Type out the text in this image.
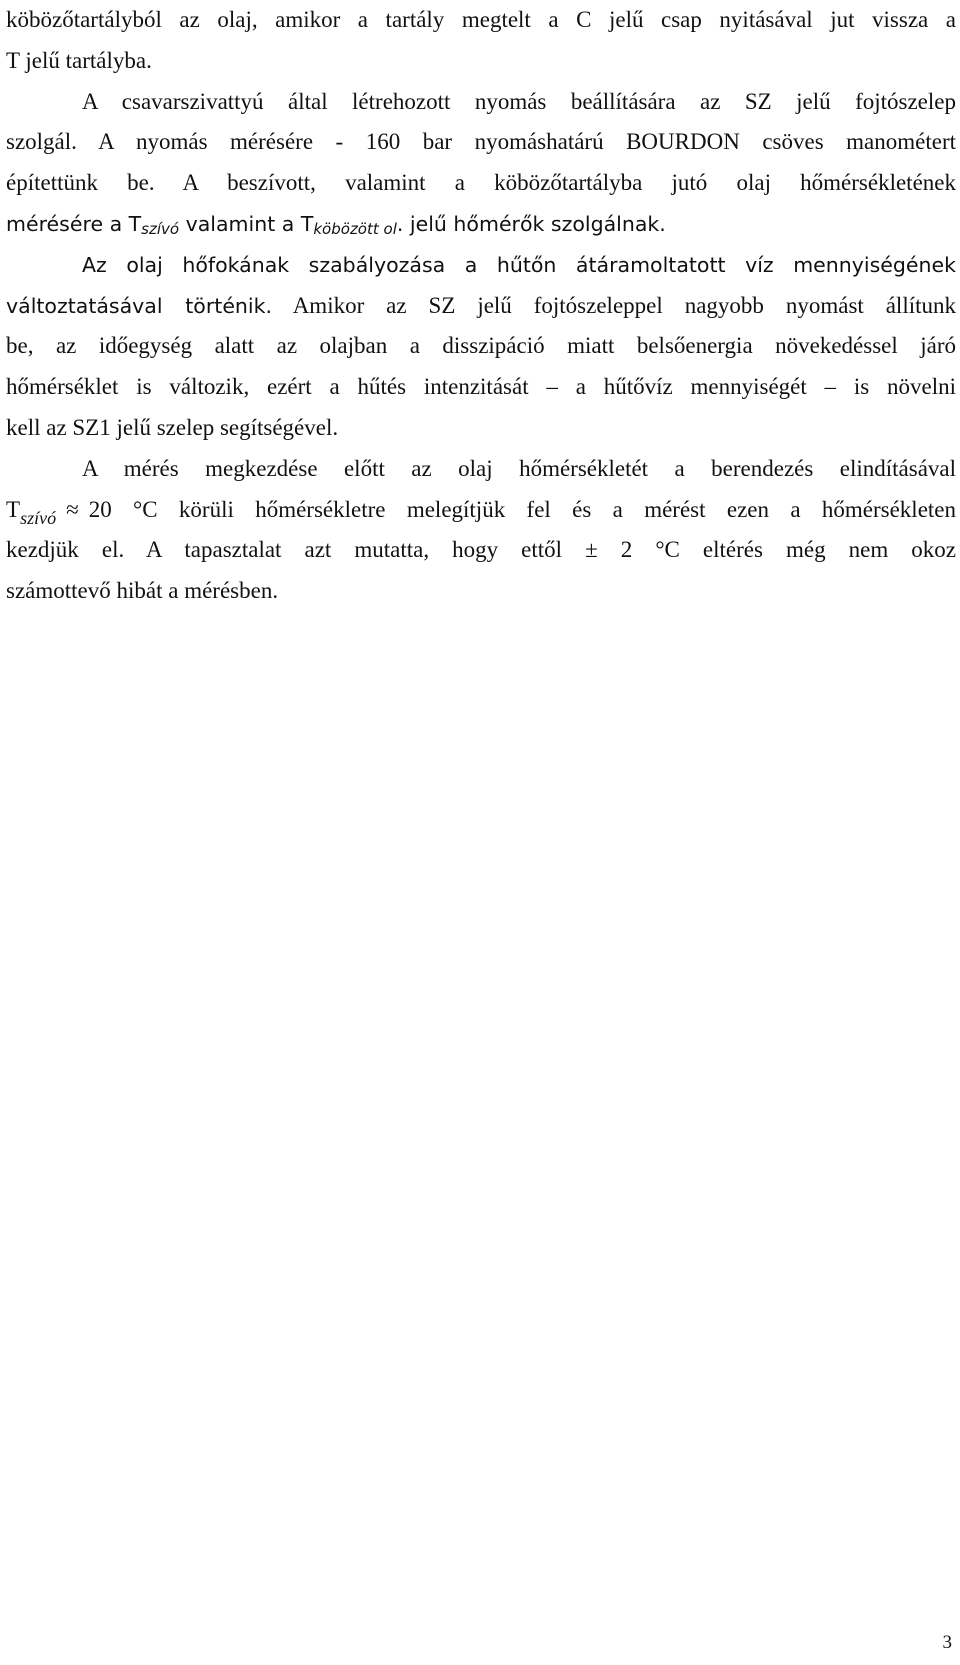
köbözőtartályból az olaj, amikor a tartály megtelt a C jelű csap nyitásával jut vissza a
T jelű tartályba.
A csavarszivattyú által létrehozott nyomás beállítására az SZ jelű fojtószelep
szolgál. A nyomás mérésére - 160 bar nyomáshatárú BOURDON csöves manométert
építettünk be. A beszívott, valamint a köbözőtartályba jutó olaj hőmérsékletének
mérésére a $T_{szívó}$ valamint a $T_{köbözött ol}$. jelű hőmérők szolgálnak.
Az olaj hőfokának szabályozása a hűtőn átáramoltatott víz mennyiségének
változtatásával történik. Amikor az SZ jelű fojtószeleppel nagyobb nyomást állítunk
be, az időegység alatt az olajban a disszipáció miatt belsőenergia növekedéssel járó
hőmérséklet is változik, ezért a hűtés intenzitását – a hűtővíz mennyiségét – is növelni
kell az SZ1 jelű szelep segítségével.
A mérés megkezdése előtt az olaj hőmérsékletét a berendezés elindításával
$T_{szívó} \approx 20$ °C körüli hőmérsékletre melegítjük fel és a mérést ezen a hőmérsékleten
kezdjük el. A tapasztalat azt mutatta, hogy ettől ± 2 °C eltérés még nem okoz
számottevő hibát a mérésben.
3
